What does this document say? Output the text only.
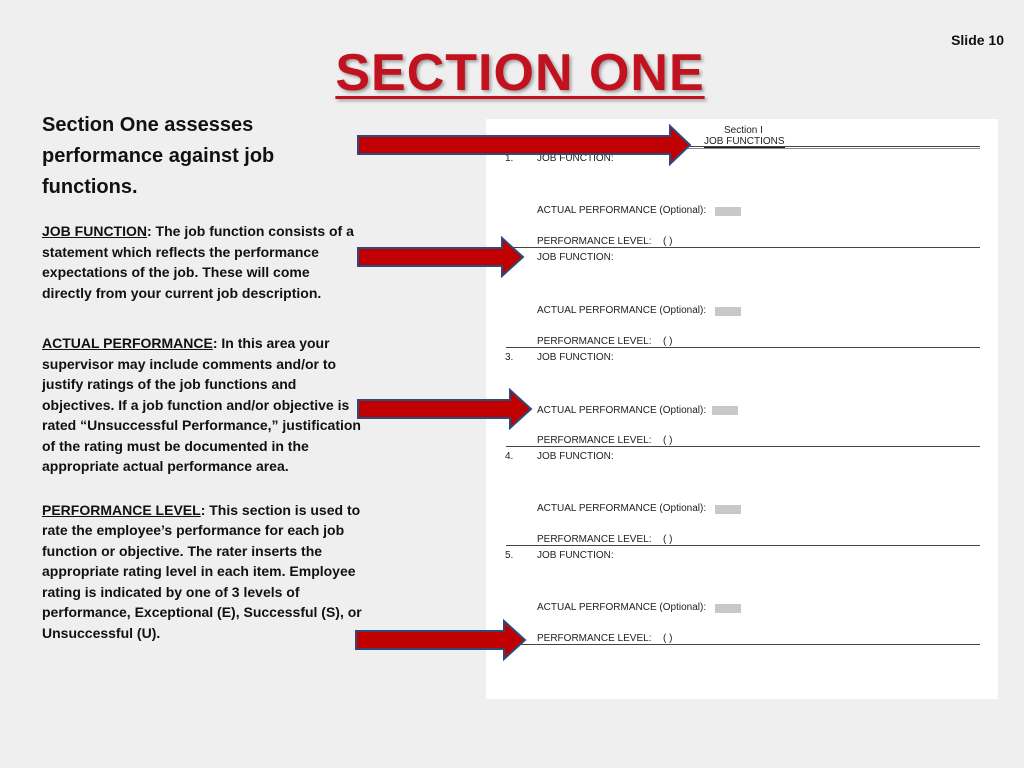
Slide 10
SECTION ONE

Section One assesses performance against job functions.

JOB FUNCTION: The job function consists of a statement which reflects the performance expectations of the job. These will come directly from your current job description.

ACTUAL PERFORMANCE: In this area your supervisor may include comments and/or to justify ratings of the job functions and objectives. If a job function and/or objective is rated “Unsuccessful Performance,” justification of the rating must be documented in the appropriate actual performance area.

PERFORMANCE LEVEL: This section is used to rate the employee’s performance for each job function or objective. The rater inserts the appropriate rating level in each item. Employee rating is indicated by one of 3 levels of performance, Exceptional (E), Successful (S), or Unsuccessful (U).

Section I
JOB FUNCTIONS
1. JOB FUNCTION:
ACTUAL PERFORMANCE (Optional):
PERFORMANCE LEVEL: ( )
JOB FUNCTION:
ACTUAL PERFORMANCE (Optional):
PERFORMANCE LEVEL: ( )
3. JOB FUNCTION:
ACTUAL PERFORMANCE (Optional):
PERFORMANCE LEVEL: ( )
4. JOB FUNCTION:
ACTUAL PERFORMANCE (Optional):
PERFORMANCE LEVEL: ( )
5. JOB FUNCTION:
ACTUAL PERFORMANCE (Optional):
PERFORMANCE LEVEL: ( )
